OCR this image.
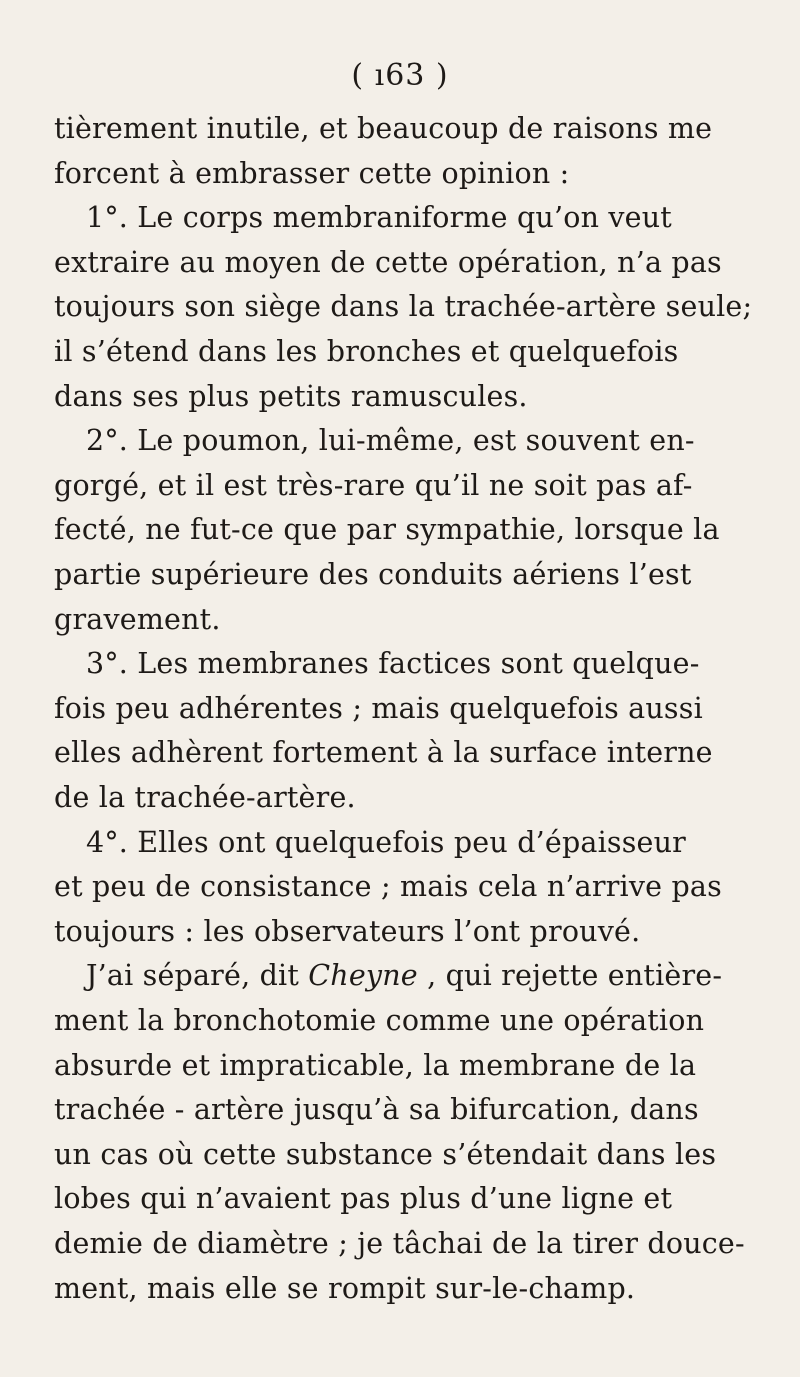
( ı63 )
J’ai séparé, dit Cheyne , qui rejette entière-
tièrement inutile, et beaucoup de raisons me
forcent à embrasser cette opinion :
1°. Le corps membraniforme qu’on veut
extraire au moyen de cette opération, n’a pas
toujours son siège dans la trachée-artère seule;
il s’étend dans les bronches et quelquefois
dans ses plus petits ramuscules.
2°. Le poumon, lui-même, est souvent en-
gorgé, et il est très-rare qu’il ne soit pas af-
fecté, ne fut-ce que par sympathie, lorsque la
partie supérieure des conduits aériens l’est
gravement.
3°. Les membranes factices sont quelque-
fois peu adhérentes ; mais quelquefois aussi
elles adhèrent fortement à la surface interne
de la trachée-artère.
4°. Elles ont quelquefois peu d’épaisseur
et peu de consistance ; mais cela n’arrive pas
toujours : les observateurs l’ont prouvé.
ment la bronchotomie comme une opération
absurde et impraticable, la membrane de la
trachée - artère jusqu’à sa bifurcation, dans
un cas où cette substance s’étendait dans les
lobes qui n’avaient pas plus d’une ligne et
demie de diamètre ; je tâchai de la tirer douce-
ment, mais elle se rompit sur-le-champ.
